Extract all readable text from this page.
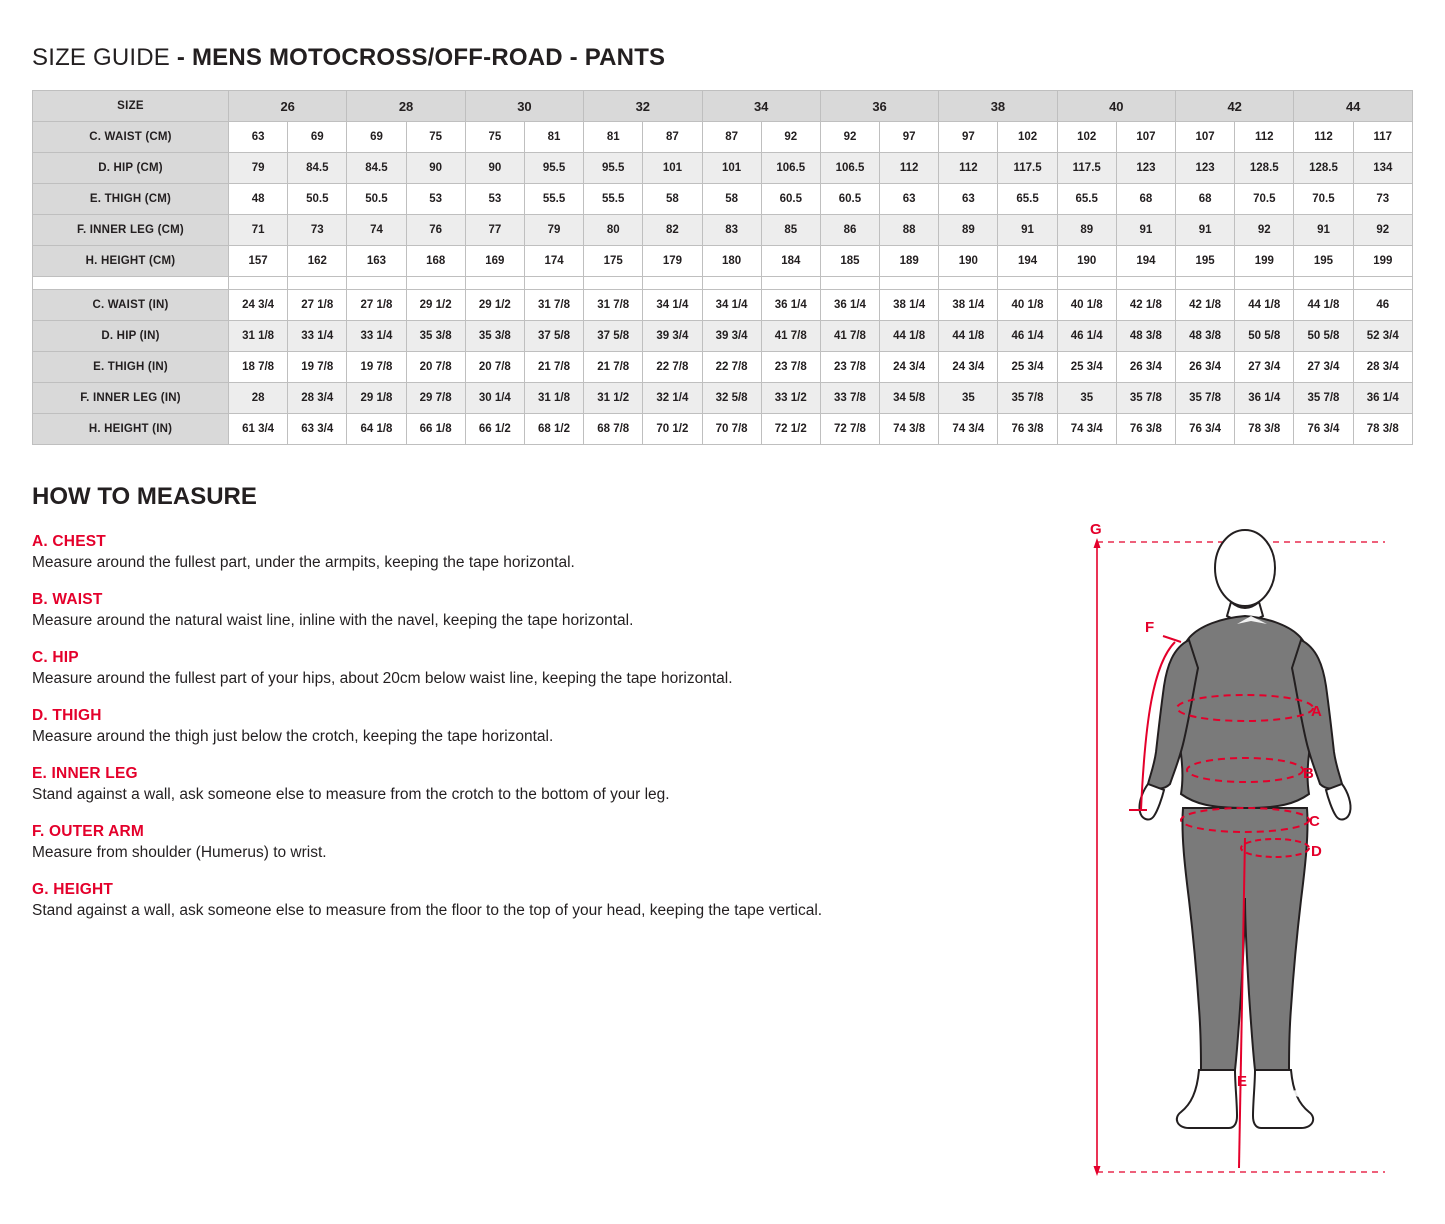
SIZE GUIDE - MENS MOTOCROSS/OFF-ROAD - PANTS
SIZE	26		28		30		32		34		36		38		40		42		44	
C. WAIST (CM)	63	69	69	75	75	81	81	87	87	92	92	97	97	102	102	107	107	112	112	117
D. HIP (CM)	79	84.5	84.5	90	90	95.5	95.5	101	101	106.5	106.5	112	112	117.5	117.5	123	123	128.5	128.5	134
E. THIGH (CM)	48	50.5	50.5	53	53	55.5	55.5	58	58	60.5	60.5	63	63	65.5	65.5	68	68	70.5	70.5	73
F. INNER LEG (CM)	71	73	74	76	77	79	80	82	83	85	86	88	89	91	89	91	91	92	91	92
H. HEIGHT (CM)	157	162	163	168	169	174	175	179	180	184	185	189	190	194	190	194	195	199	195	199

C. WAIST (IN)	24 3/4	27 1/8	27 1/8	29 1/2	29 1/2	31 7/8	31 7/8	34 1/4	34 1/4	36 1/4	36 1/4	38 1/4	38 1/4	40 1/8	40 1/8	42 1/8	42 1/8	44 1/8	44 1/8	46
D. HIP (IN)	31 1/8	33 1/4	33 1/4	35 3/8	35 3/8	37 5/8	37 5/8	39 3/4	39 3/4	41 7/8	41 7/8	44 1/8	44 1/8	46 1/4	46 1/4	48 3/8	48 3/8	50 5/8	50 5/8	52 3/4
E. THIGH (IN)	18 7/8	19 7/8	19 7/8	20 7/8	20 7/8	21 7/8	21 7/8	22 7/8	22 7/8	23 7/8	23 7/8	24 3/4	24 3/4	25 3/4	25 3/4	26 3/4	26 3/4	27 3/4	27 3/4	28 3/4
F. INNER LEG (IN)	28	28 3/4	29 1/8	29 7/8	30 1/4	31 1/8	31 1/2	32 1/4	32 5/8	33 1/2	33 7/8	34 5/8	35	35 7/8	35	35 7/8	35 7/8	36 1/4	35 7/8	36 1/4
H. HEIGHT (IN)	61 3/4	63 3/4	64 1/8	66 1/8	66 1/2	68 1/2	68 7/8	70 1/2	70 7/8	72 1/2	72 7/8	74 3/8	74 3/4	76 3/8	74 3/4	76 3/8	76 3/4	78 3/8	76 3/4	78 3/8
HOW TO MEASURE
A. CHEST
Measure around the fullest part, under the armpits, keeping the tape horizontal.
B. WAIST
Measure around the natural waist line, inline with the navel, keeping the tape horizontal.
C. HIP
Measure around the fullest part of your hips, about 20cm below waist line, keeping the tape horizontal.
D. THIGH
Measure around the thigh just below the crotch, keeping the tape horizontal.
E. INNER LEG
Stand against a wall, ask someone else to measure from the crotch to the bottom of your leg.
F. OUTER ARM
Measure from shoulder (Humerus) to wrist.
G. HEIGHT
Stand against a wall, ask someone else to measure from the floor to the top of your head, keeping the tape vertical.
A
B
C
D
E
F
G
